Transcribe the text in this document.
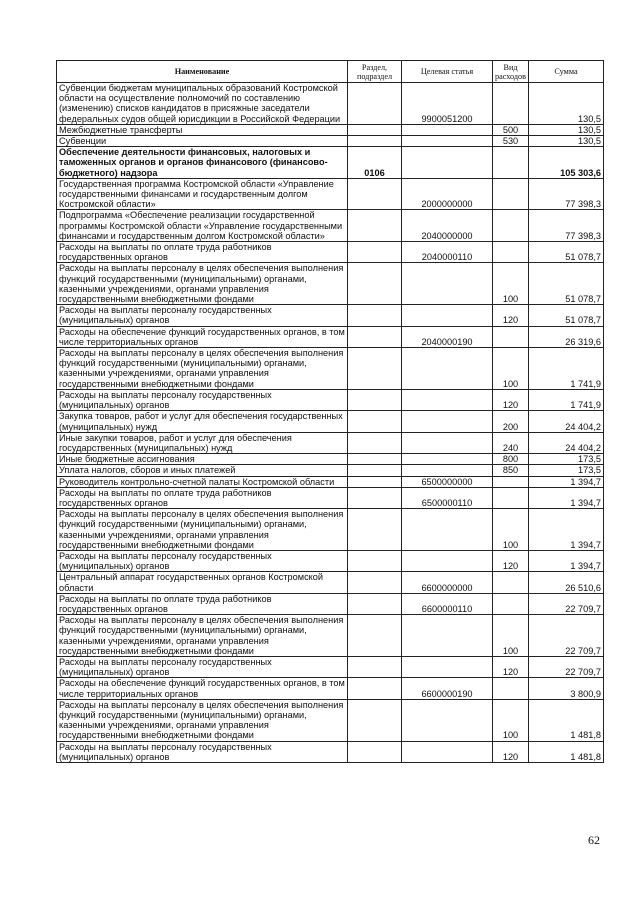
Наименование	Раздел, подраздел	Целевая статья	Вид расходов	Сумма
Субвенции бюджетам муниципальных образований Костромской области на осуществление полномочий по составлению (изменению) списков кандидатов в присяжные заседатели федеральных судов общей юрисдикции в Российской Федерации		9900051200		130,5
Межбюджетные трансферты			500	130,5
Субвенции			530	130,5
Обеспечение деятельности финансовых, налоговых и таможенных органов и органов финансового (финансово-бюджетного) надзора	0106			105 303,6
Государственная программа Костромской области «Управление государственными финансами и государственным долгом Костромской области»		2000000000		77 398,3
Подпрограмма «Обеспечение реализации государственной программы Костромской области «Управление государственными финансами и государственным долгом Костромской области»		2040000000		77 398,3
Расходы на выплаты по оплате труда работников государственных органов		2040000110		51 078,7
Расходы на выплаты персоналу в целях обеспечения выполнения функций государственными (муниципальными) органами, казенными учреждениями, органами управления государственными внебюджетными фондами			100	51 078,7
Расходы на выплаты персоналу государственных (муниципальных) органов			120	51 078,7
Расходы на обеспечение функций государственных органов, в том числе территориальных органов		2040000190		26 319,6
Расходы на выплаты персоналу в целях обеспечения выполнения функций государственными (муниципальными) органами, казенными учреждениями, органами управления государственными внебюджетными фондами			100	1 741,9
Расходы на выплаты персоналу государственных (муниципальных) органов			120	1 741,9
Закупка товаров, работ и услуг для обеспечения государственных (муниципальных) нужд			200	24 404,2
Иные закупки товаров, работ и услуг для обеспечения государственных (муниципальных) нужд			240	24 404,2
Иные бюджетные ассигнования			800	173,5
Уплата налогов, сборов и иных платежей			850	173,5
Руководитель контрольно-счетной палаты Костромской области		6500000000		1 394,7
Расходы на выплаты по оплате труда работников государственных органов		6500000110		1 394,7
Расходы на выплаты персоналу в целях обеспечения выполнения функций государственными (муниципальными) органами, казенными учреждениями, органами управления государственными внебюджетными фондами			100	1 394,7
Расходы на выплаты персоналу государственных (муниципальных) органов			120	1 394,7
Центральный аппарат государственных органов Костромской области		6600000000		26 510,6
Расходы на выплаты по оплате труда работников государственных органов		6600000110		22 709,7
Расходы на выплаты персоналу в целях обеспечения выполнения функций государственными (муниципальными) органами, казенными учреждениями, органами управления государственными внебюджетными фондами			100	22 709,7
Расходы на выплаты персоналу государственных (муниципальных) органов			120	22 709,7
Расходы на обеспечение функций государственных органов, в том числе территориальных органов		6600000190		3 800,9
Расходы на выплаты персоналу в целях обеспечения выполнения функций государственными (муниципальными) органами, казенными учреждениями, органами управления государственными внебюджетными фондами			100	1 481,8
Расходы на выплаты персоналу государственных (муниципальных) органов			120	1 481,8
62
